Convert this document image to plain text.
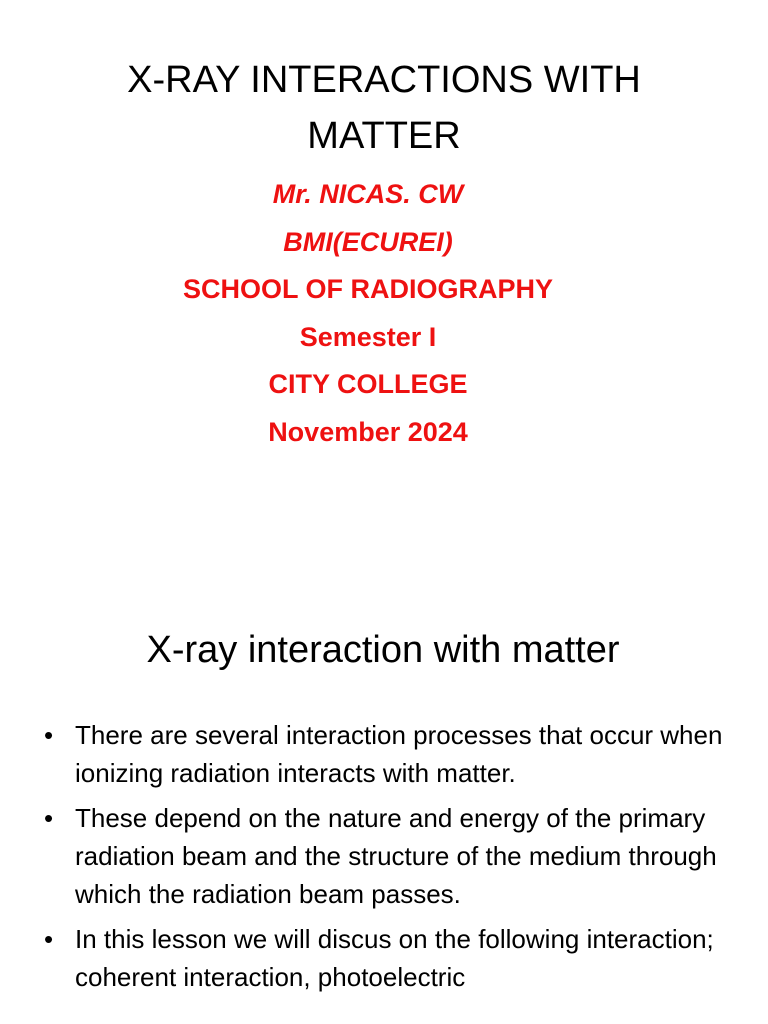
X-RAY INTERACTIONS WITH
MATTER
Mr. NICAS. CW
BMI(ECUREI)
SCHOOL OF RADIOGRAPHY
Semester I
CITY COLLEGE
November 2024
X-ray interaction with matter
• There are several interaction processes that occur when ionizing radiation interacts with matter.
• These depend on the nature and energy of the primary radiation beam and the structure of the medium through which the radiation beam passes.
• In this lesson we will discus on the following interaction; coherent interaction, photoelectric
